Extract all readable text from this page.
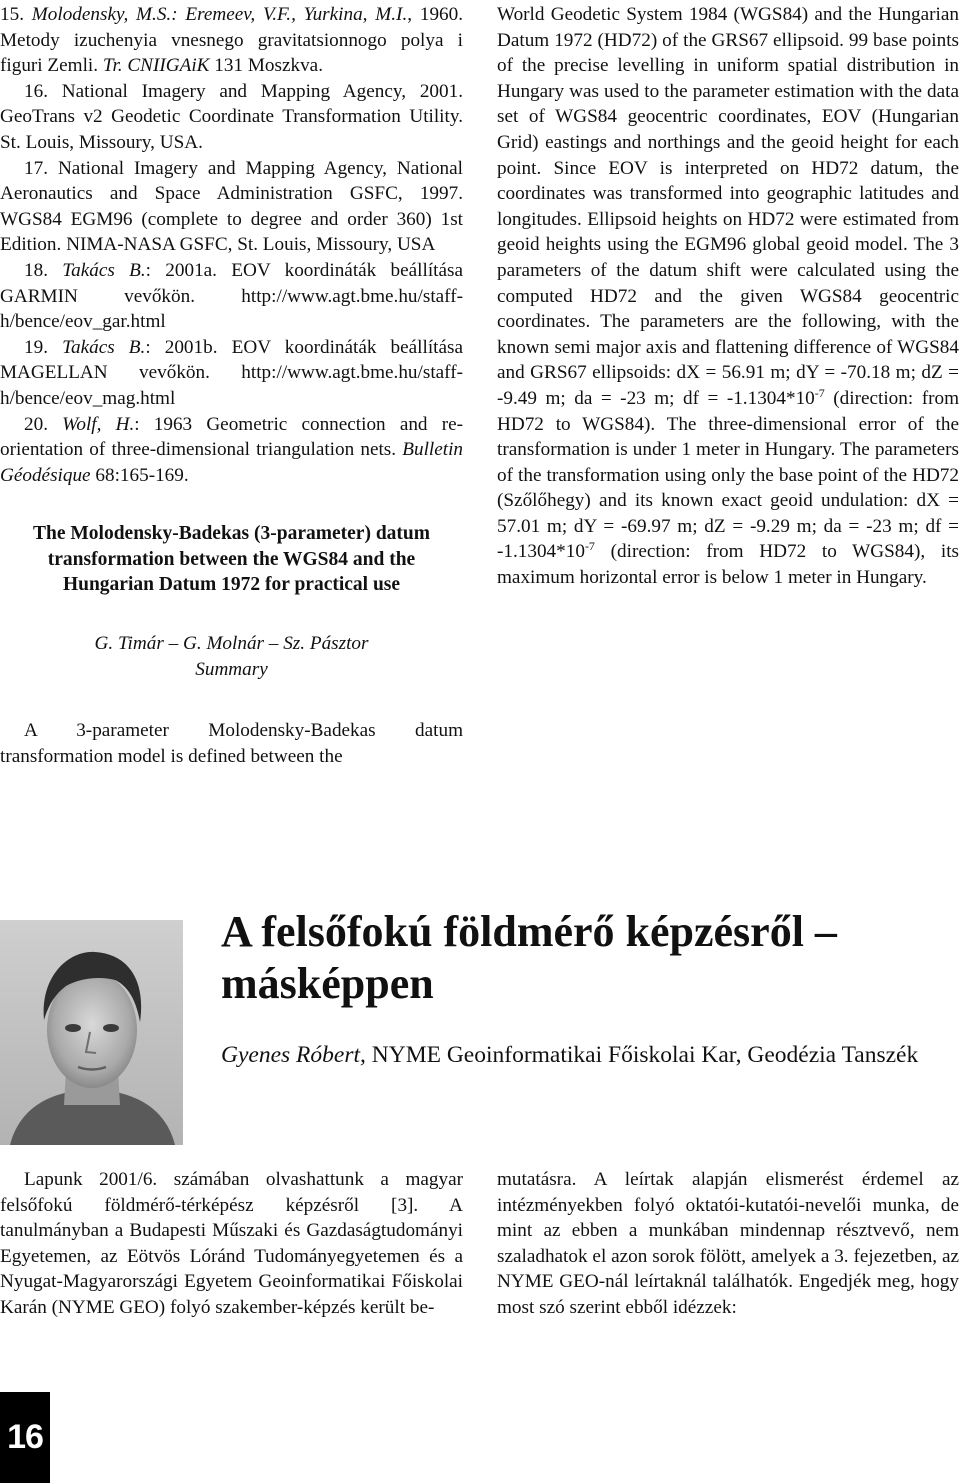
15. Molodensky, M.S.: Eremeev, V.F., Yurkina, M.I., 1960. Metody izuchenyia vnesnego gravitatsionnogo polya i figuri Zemli. Tr. CNIIGAiK 131 Moszkva.

16. National Imagery and Mapping Agency, 2001. GeoTrans v2 Geodetic Coordinate Transformation Utility. St. Louis, Missoury, USA.

17. National Imagery and Mapping Agency, National Aeronautics and Space Administration GSFC, 1997. WGS84 EGM96 (complete to degree and order 360) 1st Edition. NIMA-NASA GSFC, St. Louis, Missoury, USA

18. Takács B.: 2001a. EOV koordináták beállítása GARMIN vevőkön. http://www.agt.bme.hu/staff-h/bence/eov_gar.html

19. Takács B.: 2001b. EOV koordináták beállítása MAGELLAN vevőkön. http://www.agt.bme.hu/staff-h/bence/eov_mag.html

20. Wolf, H.: 1963 Geometric connection and re-orientation of three-dimensional triangulation nets. Bulletin Géodésique 68:165-169.

The Molodensky-Badekas (3-parameter) datum transformation between the WGS84 and the Hungarian Datum 1972 for practical use

G. Timár – G. Molnár – Sz. Pásztor

Summary

A 3-parameter Molodensky-Badekas datum transformation model is defined between the

World Geodetic System 1984 (WGS84) and the Hungarian Datum 1972 (HD72) of the GRS67 ellipsoid. 99 base points of the precise levelling in uniform spatial distribution in Hungary was used to the parameter estimation with the data set of WGS84 geocentric coordinates, EOV (Hungarian Grid) eastings and northings and the geoid height for each point. Since EOV is interpreted on HD72 datum, the coordinates was transformed into geographic latitudes and longitudes. Ellipsoid heights on HD72 were estimated from geoid heights using the EGM96 global geoid model. The 3 parameters of the datum shift were calculated using the computed HD72 and the given WGS84 geocentric coordinates. The parameters are the following, with the known semi major axis and flattening difference of WGS84 and GRS67 ellipsoids: dX = 56.91 m; dY = -70.18 m; dZ = -9.49 m; da = -23 m; df = $-1.1304*10^{-7}$ (direction: from HD72 to WGS84). The three-dimensional error of the transformation is under 1 meter in Hungary. The parameters of the transformation using only the base point of the HD72 (Szőlőhegy) and its known exact geoid undulation: dX = 57.01 m; dY = -69.97 m; dZ = -9.29 m; da = -23 m; df = $-1.1304*10^{-7}$ (direction: from HD72 to WGS84), its maximum horizontal error is below 1 meter in Hungary.

A felsőfokú földmérő képzésről – másképpen

Gyenes Róbert, NYME Geoinformatikai Főiskolai Kar, Geodézia Tanszék

Lapunk 2001/6. számában olvashattunk a magyar felsőfokú földmérő-térképész képzésről [3]. A tanulmányban a Budapesti Műszaki és Gazdaságtudományi Egyetemen, az Eötvös Lóránd Tudományegyetemen és a Nyugat-Magyarországi Egyetem Geoinformatikai Főiskolai Karán (NYME GEO) folyó szakember-képzés került be-

mutatásra. A leírtak alapján elismerést érdemel az intézményekben folyó oktatói-kutatói-nevelői munka, de mint az ebben a munkában mindennap résztvevő, nem szaladhatok el azon sorok fölött, amelyek a 3. fejezetben, az NYME GEO-nál leírtaknál találhatók. Engedjék meg, hogy most szó szerint ebből idézzek:

16
